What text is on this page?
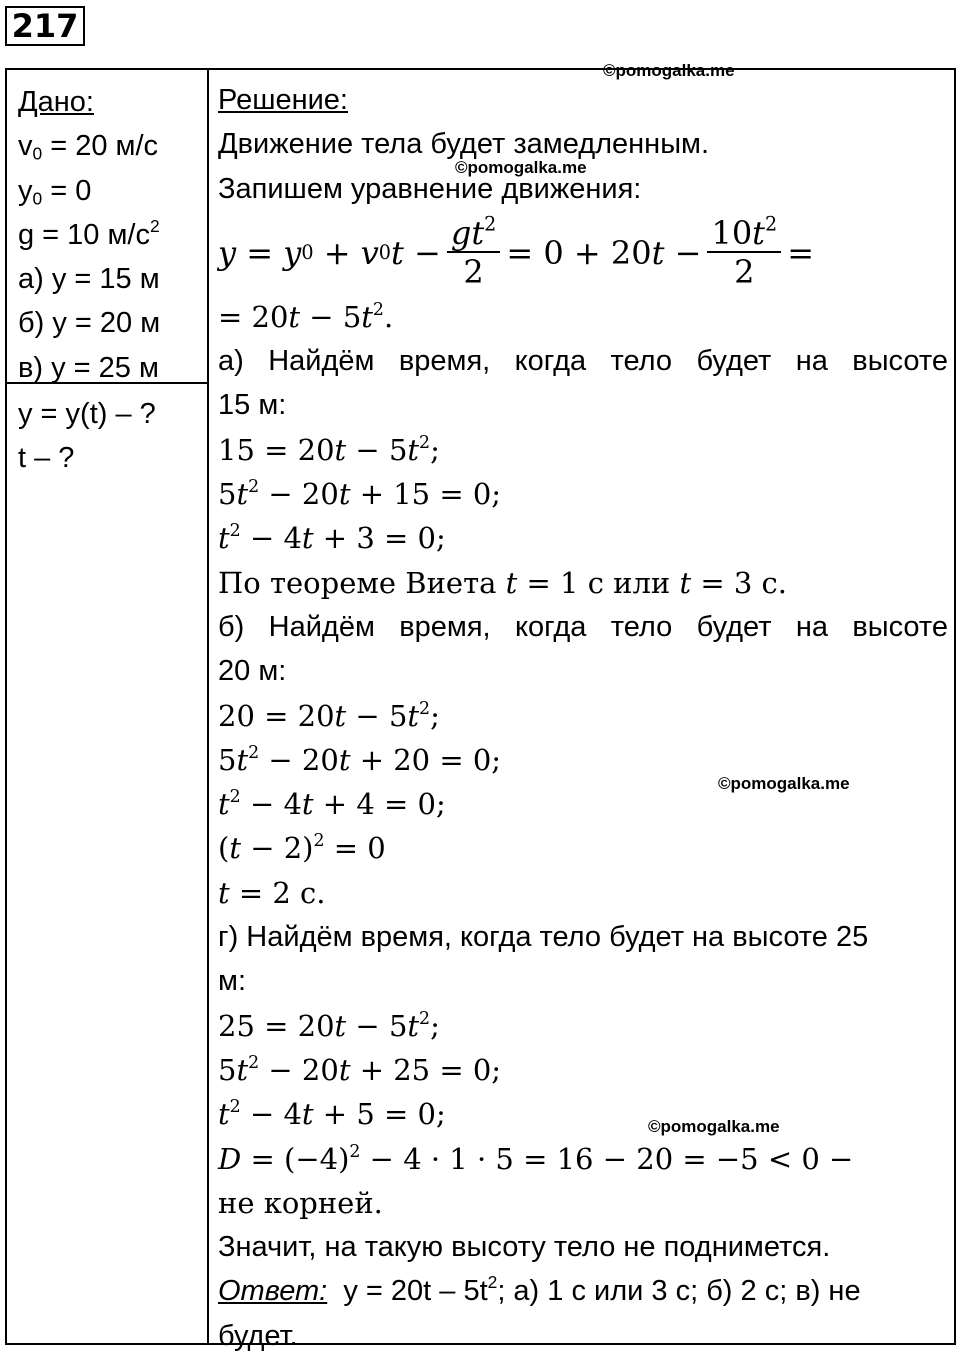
217
Дано:
$v_0 = 20$ м/с
$y_0 = 0$
g = 10 $м/с^2$
а) y = 15 м
б) y = 20 м
в) y = 25 м
y = y(t) – ?
t – ?
Решение:
Движение тела будет замедленным.
Запишем уравнение движения:
y = y 0 + v 0 $t - \frac{gt^2}{2} = 0 + 20$ $t - \frac{10t^2}{2}$ =
= $20t - 5t^2$.
а) Найдём время, когда тело будет на высоте
15 м:
$15 = 20t - 5t^2$;
$5t^2 - 20t + 15 = 0$;
$t^2 - 4t + 3 = 0$;
По теореме Виета t = 1 с или t = 3 с.
б) Найдём время, когда тело будет на высоте
20 м:
$20 = 20t - 5t^2$;
$5t^2 - 20t + 20 = 0$;
$t^2 - 4t + 4 = 0$;
$(t - 2)^2 = 0$
t = 2 с.
г) Найдём время, когда тело будет на высоте 25
м:
$25 = 20t - 5t^2$;
$5t^2 - 20t + 25 = 0$;
$t^2 - 4t + 5 = 0$;
$D = (-4)^2 - 4 \cdot 1 \cdot 5 = 16 - 20 = -5 < 0$ −
не корней.
Значит, на такую высоту тело не поднимется.
Ответ:  $y = 20t - 5t^2$; а) 1 с или 3 с; б) 2 с; в) не
будет.
©pomogalka.me
©pomogalka.me
©pomogalka.me
©pomogalka.me
